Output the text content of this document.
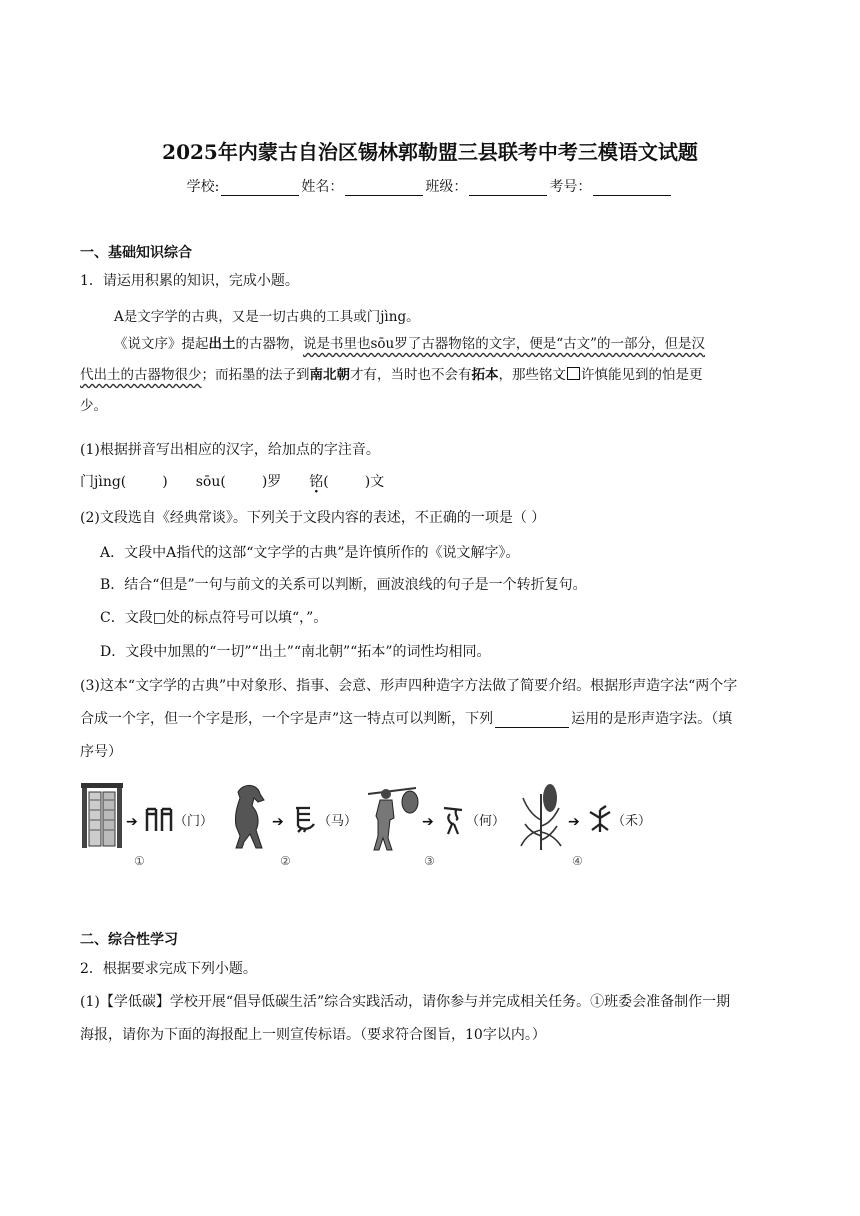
2025年内蒙古自治区锡林郭勒盟三县联考中考三模语文试题
学校:	姓名：	班级：	考号：
一、基础知识综合
1．请运用积累的知识，完成小题。
A是文字学的古典，又是一切古典的工具或门jìng。
《说文序》提起出土的古器物，说是书里也sōu罗了古器物铭的文字，便是“古文”的一部分，但是汉
代出土的古器物很少；而拓墨的法子到南北朝才有，当时也不会有拓本，那些铭文 · 许慎能见到的怕是更
少。
(1)根据拼音写出相应的汉字，给加点的字注音。
门jìng(	) sōu(	)罗 铭(	)文
(2)文段选自《经典常谈》。下列关于文段内容的表述，不正确的一项是（ ）
A．文段中A指代的这部“文字学的古典”是许慎所作的《说文解字》。
B．结合“但是”一句与前文的关系可以判断，画波浪线的句子是一个转折复句。
C．文段□处的标点符号可以填“，”。
D．文段中加黑的“一切”“出土”“南北朝”“拓本”的词性均相同。
(3)这本“文字学的古典”中对象形、指事、会意、形声四种造字方法做了简要介绍。根据形声造字法“两个字
合成一个字，但一个字是形，一个字是声”这一特点可以判断，下列	运用的是形声造字法。（填
序号）
➔	（门）
①
➔	（马）
②
➔ （何）
③
➔ （禾）
④
二、综合性学习
2．根据要求完成下列小题。
(1)【学低碳】学校开展“倡导低碳生活”综合实践活动，请你参与并完成相关任务。①班委会准备制作一期
海报，请你为下面的海报配上一则宣传标语。（要求符合图旨，10字以内。）
